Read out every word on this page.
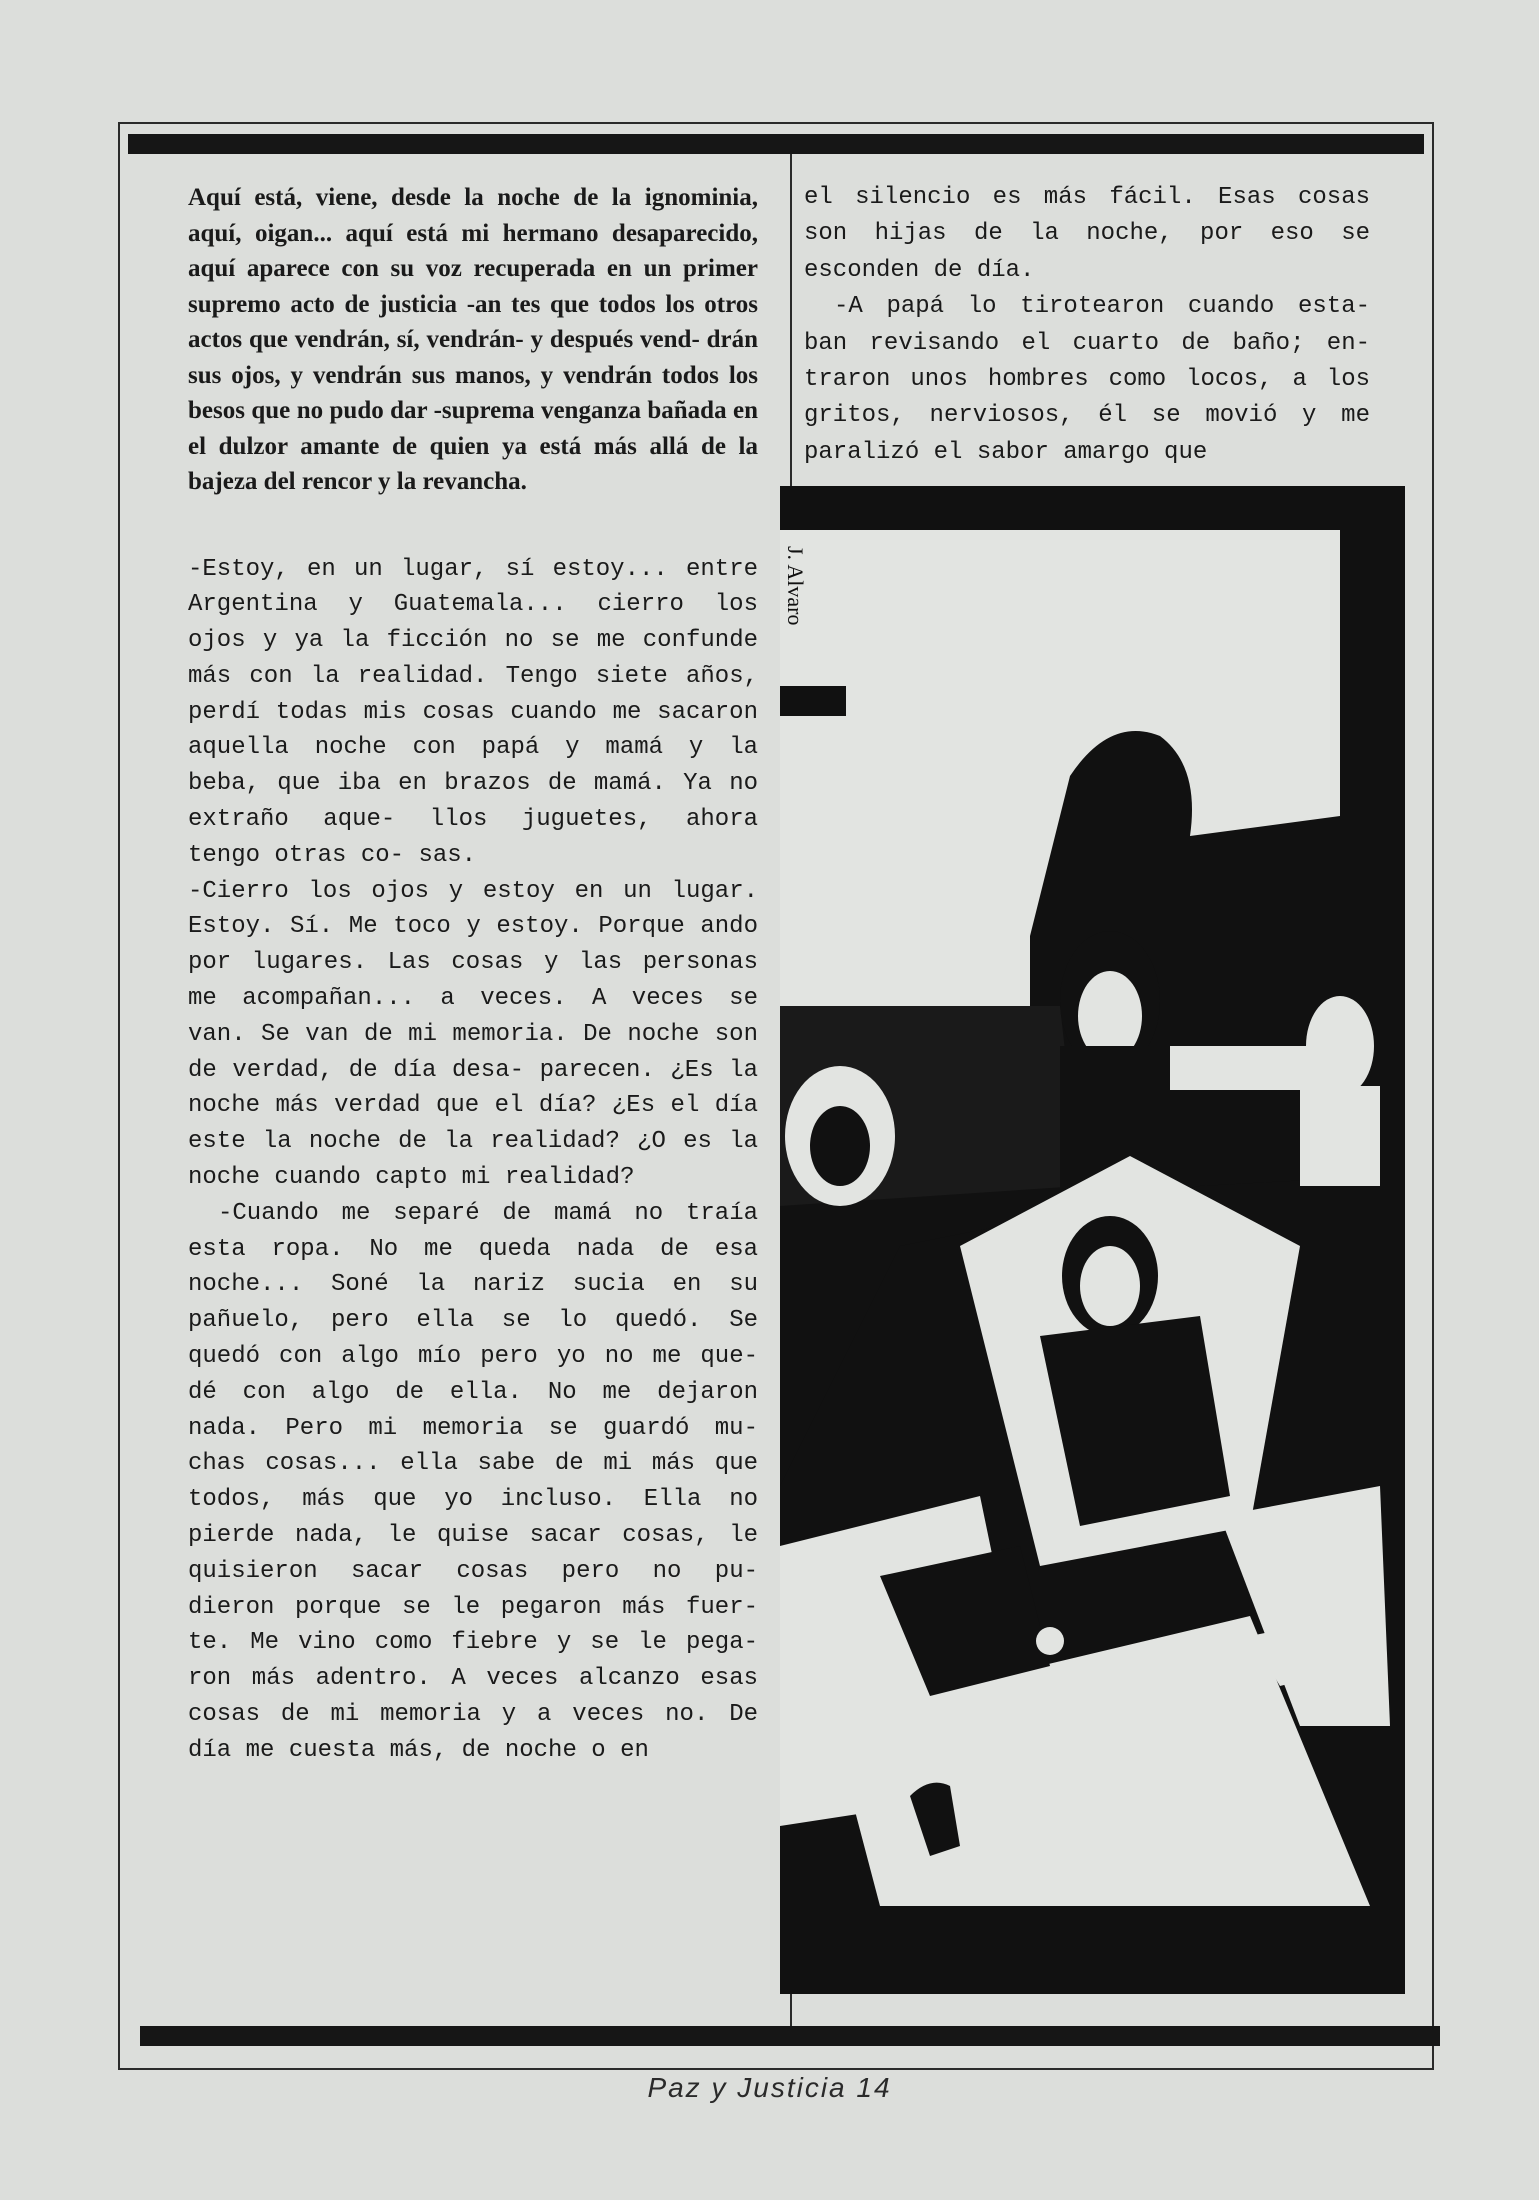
Aquí está, viene, desde la noche de la ignominia, aquí, oigan... aquí está mi hermano desaparecido, aquí aparece con su voz recuperada en un primer supremo acto de justicia -an tes que todos los otros actos que vendrán, sí, vendrán- y después vend- drán sus ojos, y vendrán sus manos, y vendrán todos los besos que no pudo dar -suprema venganza bañada en el dulzor amante de quien ya está más allá de la bajeza del rencor y la revancha.

-Estoy, en un lugar, sí estoy... entre Argentina y Guatemala... cierro los ojos y ya la ficción no se me confunde más con la realidad. Tengo siete años, perdí todas mis cosas cuando me sacaron aquella noche con papá y mamá y la beba, que iba en brazos de mamá. Ya no extraño aque- llos juguetes, ahora tengo otras co- sas.

-Cierro los ojos y estoy en un lugar. Estoy. Sí. Me toco y estoy. Porque ando por lugares. Las cosas y las personas me acompañan... a veces. A veces se van. Se van de mi memoria. De noche son de verdad, de día desa- parecen. ¿Es la noche más verdad que el día? ¿Es el día este la noche de la realidad? ¿O es la noche cuando capto mi realidad?

-Cuando me separé de mamá no traía esta ropa. No me queda nada de esa noche... Soné la nariz sucia en su pañuelo, pero ella se lo quedó. Se quedó con algo mío pero yo no me que- dé con algo de ella. No me dejaron nada. Pero mi memoria se guardó mu- chas cosas... ella sabe de mi más que todos, más que yo incluso. Ella no pierde nada, le quise sacar cosas, le quisieron sacar cosas pero no pu- dieron porque se le pegaron más fuer- te. Me vino como fiebre y se le pega- ron más adentro. A veces alcanzo esas cosas de mi memoria y a veces no. De día me cuesta más, de noche o en

el silencio es más fácil. Esas cosas son hijas de la noche, por eso se esconden de día.

-A papá lo tirotearon cuando esta- ban revisando el cuarto de baño; en- traron unos hombres como locos, a los gritos, nerviosos, él se movió y me paralizó el sabor amargo que

J. Alvaro
Paz y Justicia 14
